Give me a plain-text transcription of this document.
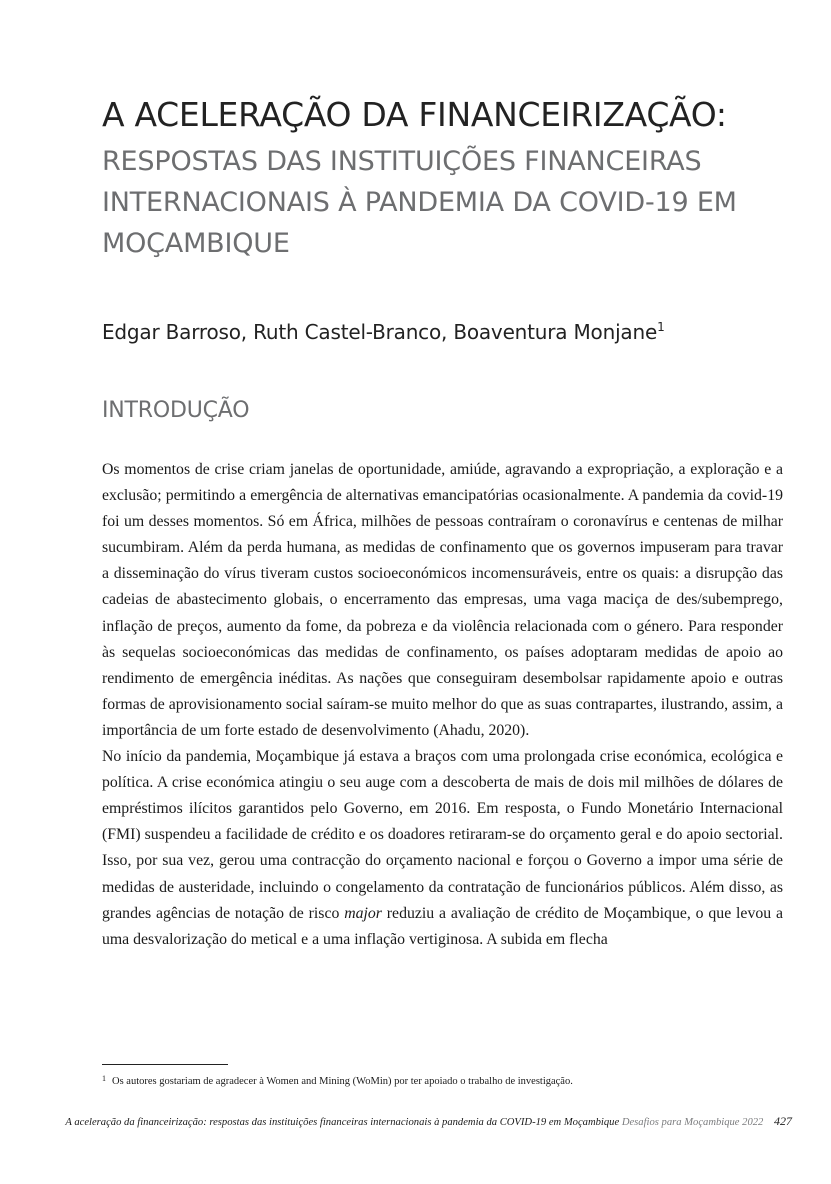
A ACELERAÇÃO DA FINANCEIRIZAÇÃO:
RESPOSTAS DAS INSTITUIÇÕES FINANCEIRAS INTERNACIONAIS À PANDEMIA DA COVID-19 EM MOÇAMBIQUE
Edgar Barroso, Ruth Castel-Branco, Boaventura Monjane$^1$
INTRODUÇÃO

Os momentos de crise criam janelas de oportunidade, amiúde, agravando a expropriação, a exploração e a exclusão; permitindo a emergência de alternativas emancipatórias ocasionalmente. A pandemia da covid-19 foi um desses momentos. Só em África, milhões de pessoas contraíram o coronavírus e centenas de milhar sucumbiram. Além da perda humana, as medidas de confinamento que os governos impuseram para travar a disseminação do vírus tiveram custos socioeconómicos incomensuráveis, entre os quais: a disrupção das cadeias de abastecimento globais, o encerramento das empresas, uma vaga maciça de des/subemprego, inflação de preços, aumento da fome, da pobreza e da violência relacionada com o género. Para responder às sequelas socioeconómicas das medidas de confinamento, os países adoptaram medidas de apoio ao rendimento de emergência inéditas. As nações que conseguiram desembolsar rapidamente apoio e outras formas de aprovisionamento social saíram-se muito melhor do que as suas contrapartes, ilustrando, assim, a importância de um forte estado de desenvolvimento (Ahadu, 2020).

No início da pandemia, Moçambique já estava a braços com uma prolongada crise económica, ecológica e política. A crise económica atingiu o seu auge com a descoberta de mais de dois mil milhões de dólares de empréstimos ilícitos garantidos pelo Governo, em 2016. Em resposta, o Fundo Monetário Internacional (FMI) suspendeu a facilidade de crédito e os doadores retiraram-se do orçamento geral e do apoio sectorial. Isso, por sua vez, gerou uma contracção do orçamento nacional e forçou o Governo a impor uma série de medidas de austeridade, incluindo o congelamento da contratação de funcionários públicos. Além disso, as grandes agências de notação de risco major reduziu a avaliação de crédito de Moçambique, o que levou a uma desvalorização do metical e a uma inflação vertiginosa. A subida em flecha

$^1$ Os autores gostariam de agradecer à Women and Mining (WoMin) por ter apoiado o trabalho de investigação.
A aceleração da financeirização: respostas das instituições financeiras internacionais à pandemia da COVID-19 em Moçambique Desafios para Moçambique 2022 427
